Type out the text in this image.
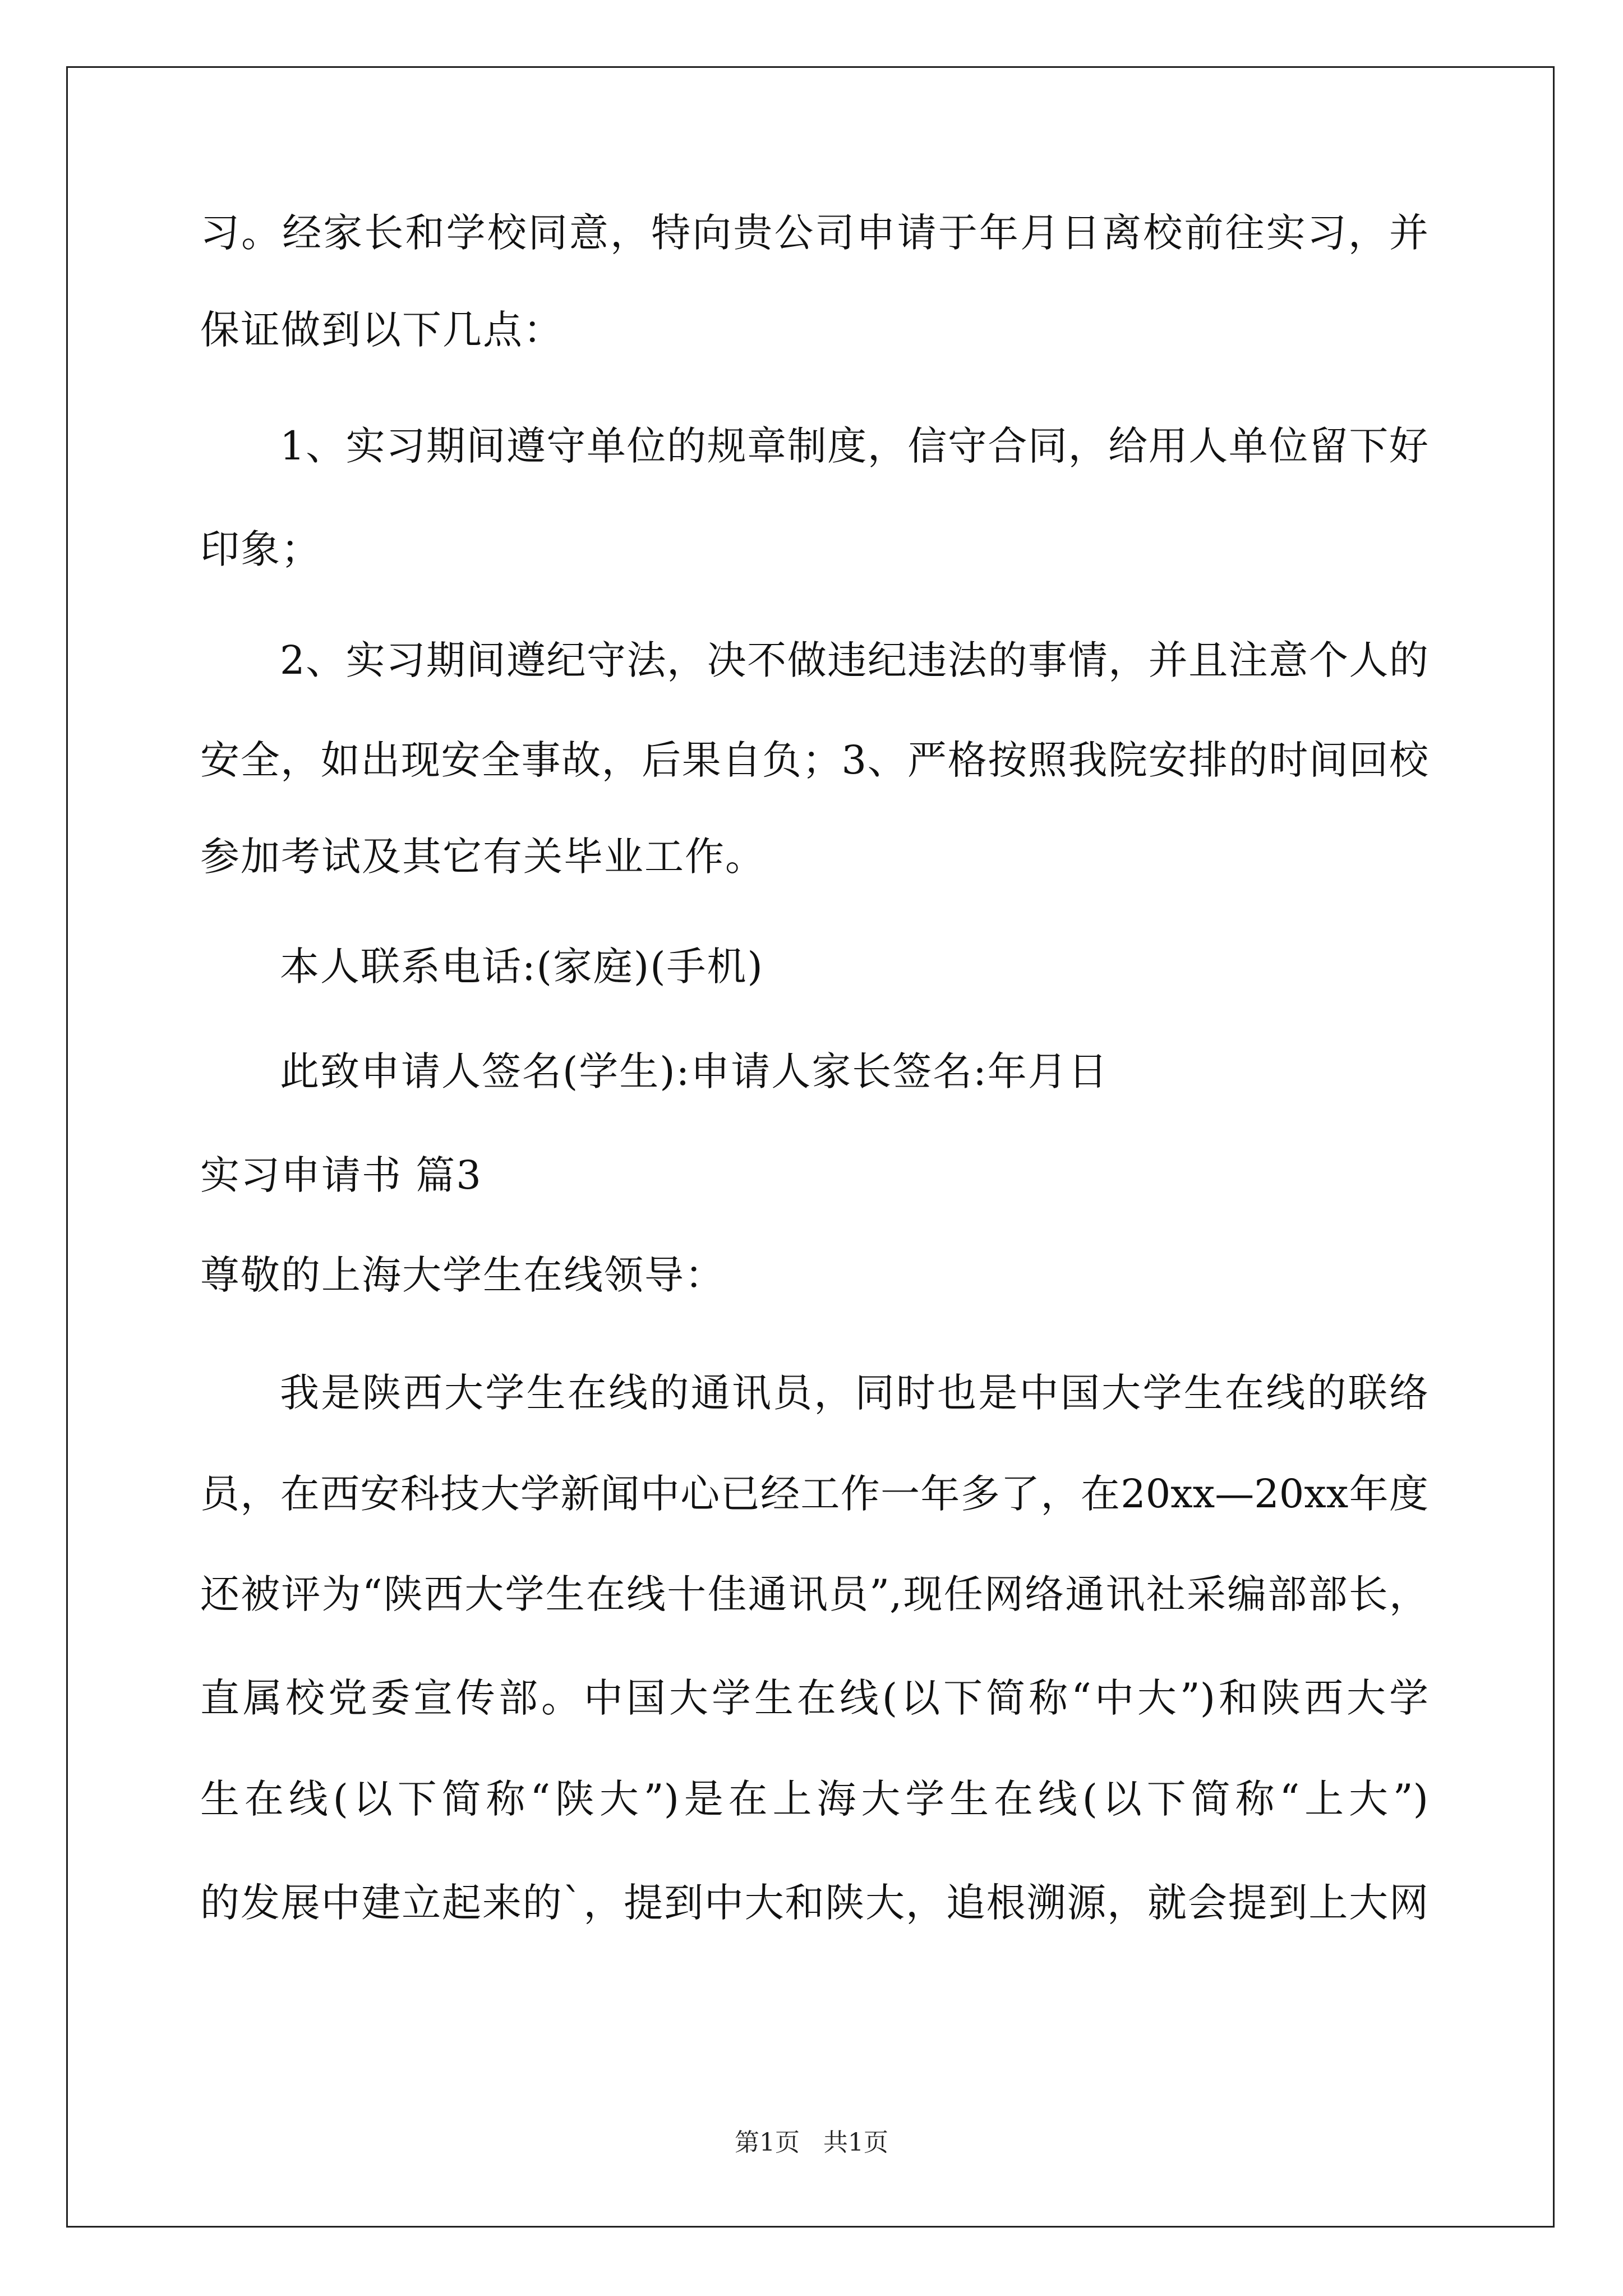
习。经家长和学校同意，特向贵公司申请于年月日离校前往实习，并
保证做到以下几点：
1、实习期间遵守单位的规章制度，信守合同，给用人单位留下好
印象；
2、实习期间遵纪守法，决不做违纪违法的事情，并且注意个人的
安全，如出现安全事故，后果自负；3、严格按照我院安排的时间回校
参加考试及其它有关毕业工作。
本人联系电话:(家庭)(手机)
此致申请人签名(学生):申请人家长签名:年月日
实习申请书 篇3
尊敬的上海大学生在线领导：
我是陕西大学生在线的通讯员，同时也是中国大学生在线的联络
员，在西安科技大学新闻中心已经工作一年多了，在20xx—20xx年度
还被评为“陕西大学生在线十佳通讯员”,现任网络通讯社采编部部长，
直属校党委宣传部。中国大学生在线(以下简称“中大”)和陕西大学
生在线(以下简称“陕大”)是在上海大学生在线(以下简称“上大”)
的发展中建立起来的`，提到中大和陕大，追根溯源，就会提到上大网
第1页   共1页
